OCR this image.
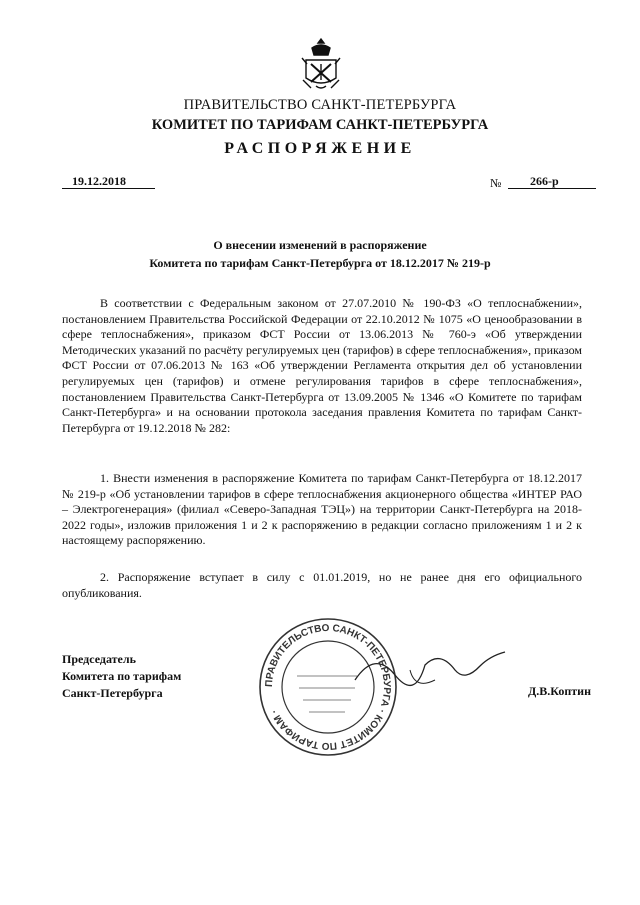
ПРАВИТЕЛЬСТВО САНКТ-ПЕТЕРБУРГА
КОМИТЕТ ПО ТАРИФАМ САНКТ-ПЕТЕРБУРГА
РАСПОРЯЖЕНИЕ
19.12.2018	№	266-р
О внесении изменений в распоряжение
Комитета по тарифам Санкт-Петербурга от 18.12.2017 № 219-р

В соответствии с Федеральным законом от 27.07.2010 № 190-ФЗ «О теплоснабжении», постановлением Правительства Российской Федерации от 22.10.2012 № 1075 «О ценообразовании в сфере теплоснабжения», приказом ФСТ России от 13.06.2013 № 760-э «Об утверждении Методических указаний по расчёту регулируемых цен (тарифов) в сфере теплоснабжения», приказом ФСТ России от 07.06.2013 № 163 «Об утверждении Регламента открытия дел об установлении регулируемых цен (тарифов) и отмене регулирования тарифов в сфере теплоснабжения», постановлением Правительства Санкт-Петербурга от 13.09.2005 № 1346 «О Комитете по тарифам Санкт-Петербурга» и на основании протокола заседания правления Комитета по тарифам Санкт-Петербурга от 19.12.2018 № 282:

1. Внести изменения в распоряжение Комитета по тарифам Санкт-Петербурга от 18.12.2017 № 219-р «Об установлении тарифов в сфере теплоснабжения акционерного общества «ИНТЕР РАО – Электрогенерация» (филиал «Северо-Западная ТЭЦ») на территории Санкт-Петербурга на 2018-2022 годы», изложив приложения 1 и 2 к распоряжению в редакции согласно приложениям 1 и 2 к настоящему распоряжению.

2. Распоряжение вступает в силу с 01.01.2019, но не ранее дня его официального опубликования.

Председатель
Комитета по тарифам
Санкт-Петербурга	Д.В.Коптин
ПРАВИТЕЛЬСТВО САНКТ-ПЕТЕРБУРГА · КОМИТЕТ ПО ТАРИФАМ ·
